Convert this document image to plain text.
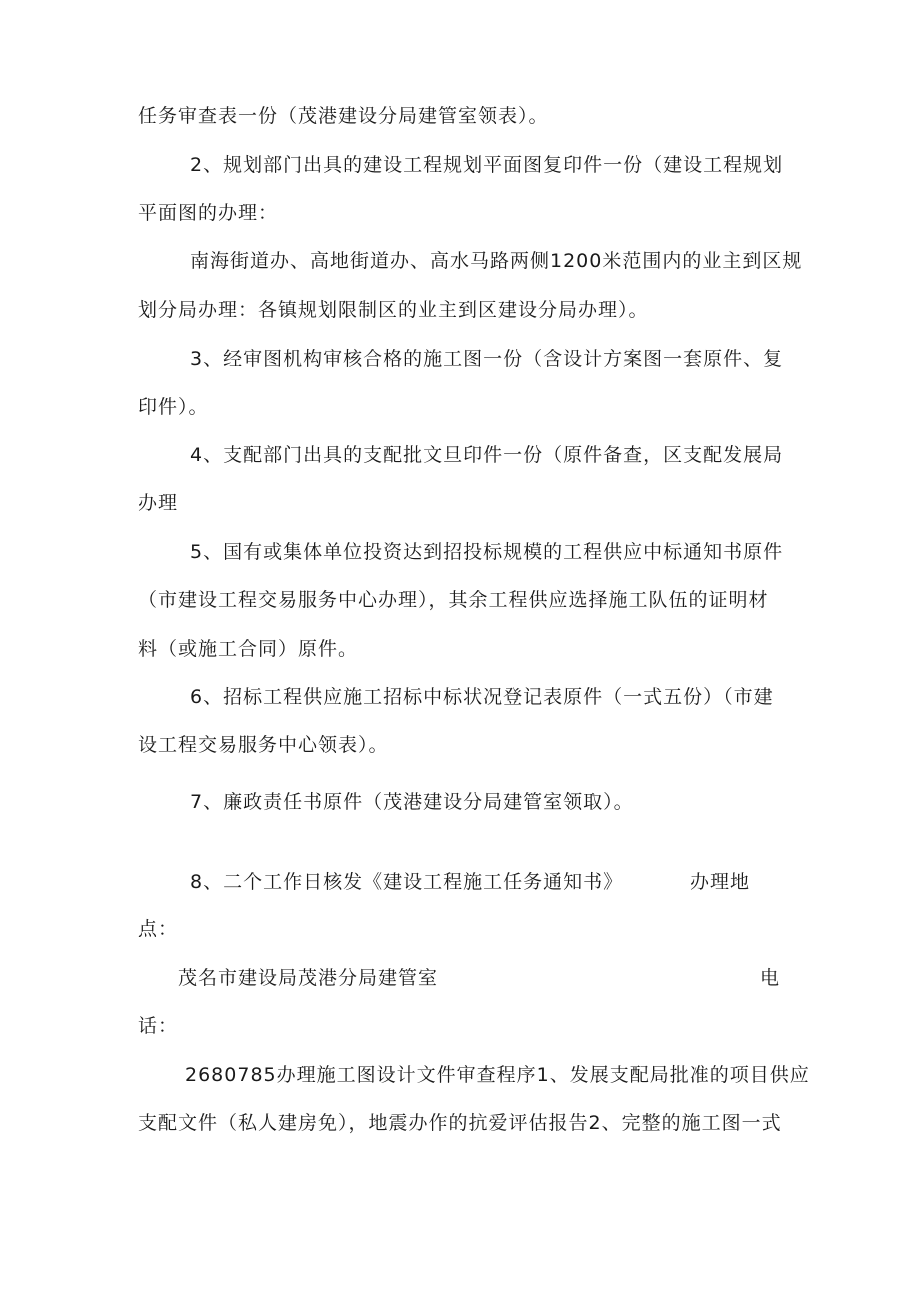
任务审查表一份（茂港建设分局建管室领表）。
2、规划部门出具的建设工程规划平面图复印件一份（建设工程规划
平面图的办理：
南海街道办、高地街道办、高水马路两侧1200米范围内的业主到区规
划分局办理：各镇规划限制区的业主到区建设分局办理）。
3、经审图机构审核合格的施工图一份（含设计方案图一套原件、复
印件）。
4、支配部门出具的支配批文旦印件一份（原件备查，区支配发展局
办理
5、国有或集体单位投资达到招投标规模的工程供应中标通知书原件
（市建设工程交易服务中心办理），其余工程供应选择施工队伍的证明材
料（或施工合同）原件。
6、招标工程供应施工招标中标状况登记表原件（一式五份）（市建
设工程交易服务中心领表）。
7、廉政责任书原件（茂港建设分局建管室领取）。
8、二个工作日核发《建设工程施工任务通知书》	办理地
点：
茂名市建设局茂港分局建管室	电
话：
2680785办理施工图设计文件审查程序1、发展支配局批准的项目供应
支配文件（私人建房免），地震办作的抗爱评估报告2、完整的施工图一式
